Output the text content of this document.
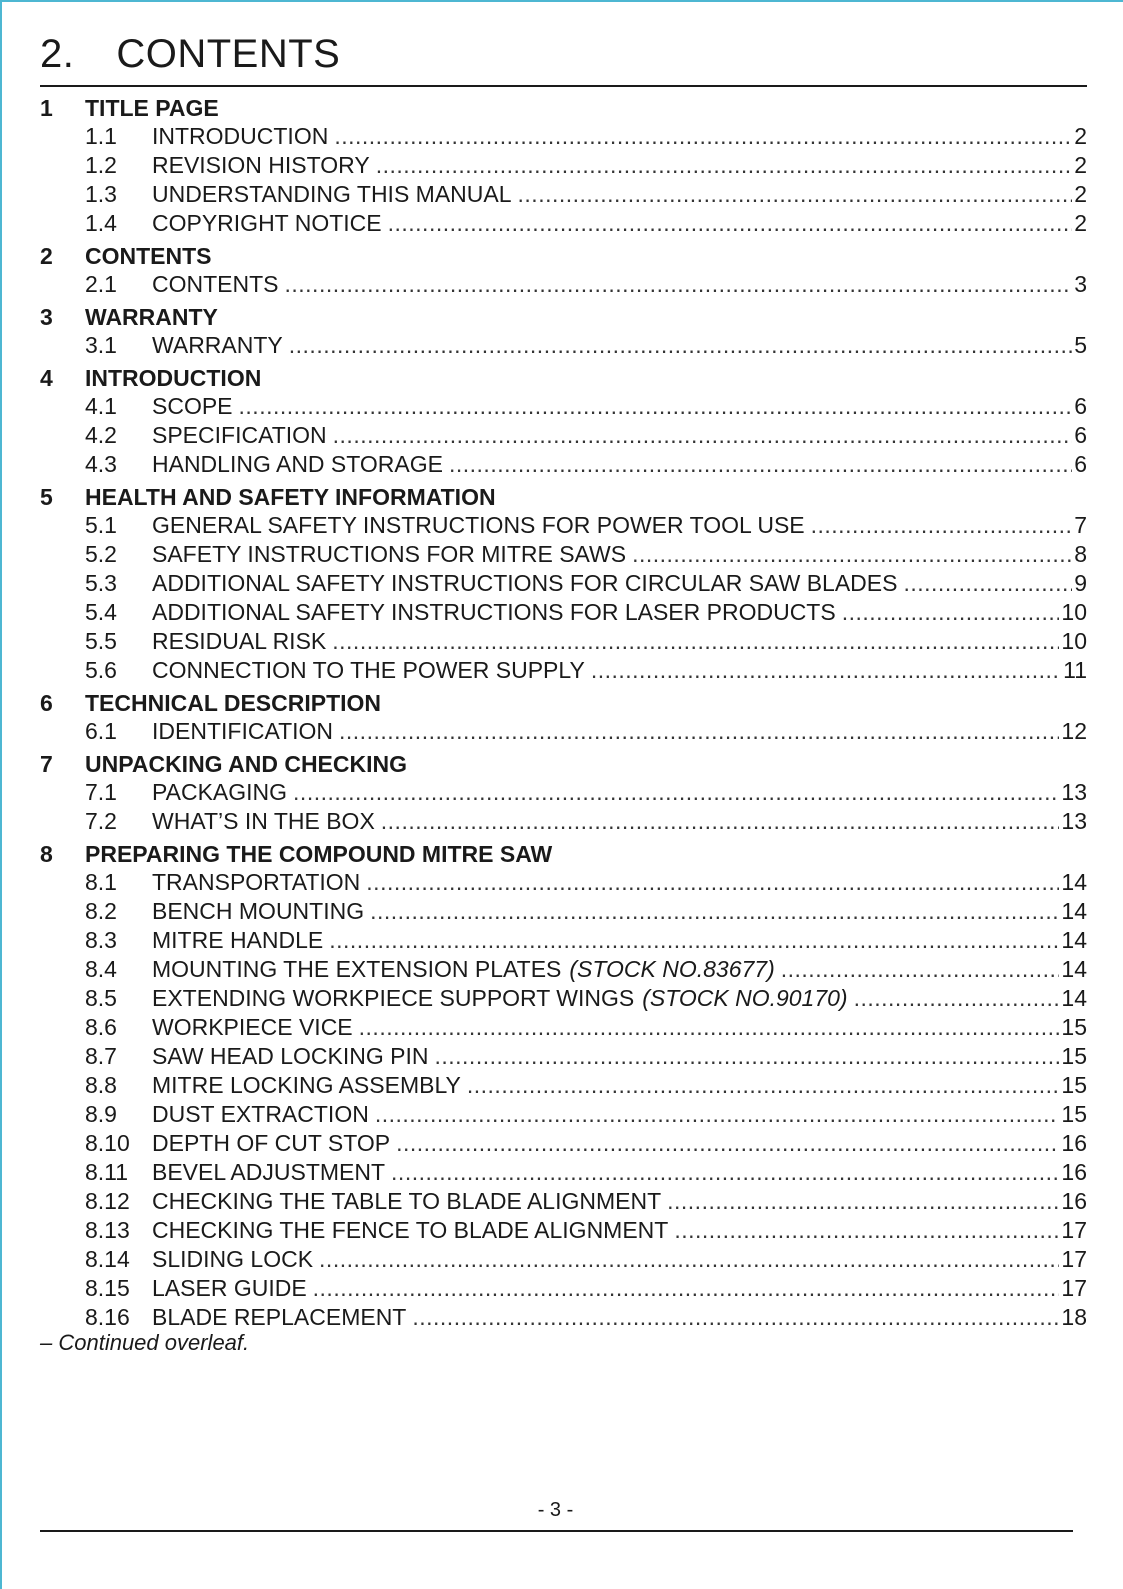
2. CONTENTS
1	TITLE PAGE
1.1	INTRODUCTION .....	2
1.2	REVISION HISTORY .....	2
1.3	UNDERSTANDING THIS MANUAL .....	2
1.4	COPYRIGHT NOTICE .....	2
2	CONTENTS
2.1	CONTENTS .....	3
3	WARRANTY
3.1	WARRANTY .....	5
4	INTRODUCTION
4.1	SCOPE .....	6
4.2	SPECIFICATION .....	6
4.3	HANDLING AND STORAGE .....	6
5	HEALTH AND SAFETY INFORMATION
5.1	GENERAL SAFETY INSTRUCTIONS FOR POWER TOOL USE .....	7
5.2	SAFETY INSTRUCTIONS FOR MITRE SAWS .....	8
5.3	ADDITIONAL SAFETY INSTRUCTIONS FOR CIRCULAR SAW BLADES .....	9
5.4	ADDITIONAL SAFETY INSTRUCTIONS FOR LASER PRODUCTS .....	10
5.5	RESIDUAL RISK .....	10
5.6	CONNECTION TO THE POWER SUPPLY .....	11
6	TECHNICAL DESCRIPTION
6.1	IDENTIFICATION .....	12
7	UNPACKING AND CHECKING
7.1	PACKAGING .....	13
7.2	WHAT’S IN THE BOX .....	13
8	PREPARING THE COMPOUND MITRE SAW
8.1	TRANSPORTATION .....	14
8.2	BENCH MOUNTING .....	14
8.3	MITRE HANDLE .....	14
8.4	MOUNTING THE EXTENSION PLATES (STOCK NO.83677) .....	14
8.5	EXTENDING WORKPIECE SUPPORT WINGS (STOCK NO.90170) .....	14
8.6	WORKPIECE VICE .....	15
8.7	SAW HEAD LOCKING PIN .....	15
8.8	MITRE LOCKING ASSEMBLY .....	15
8.9	DUST EXTRACTION .....	15
8.10 DEPTH OF CUT STOP .....	16
8.11	BEVEL ADJUSTMENT .....	16
8.12 CHECKING THE TABLE TO BLADE ALIGNMENT .....	16
8.13 CHECKING THE FENCE TO BLADE ALIGNMENT .....	17
8.14 SLIDING LOCK .....	17
8.15 LASER GUIDE .....	17
8.16 BLADE REPLACEMENT .....	18
– Continued overleaf.
- 3 -
